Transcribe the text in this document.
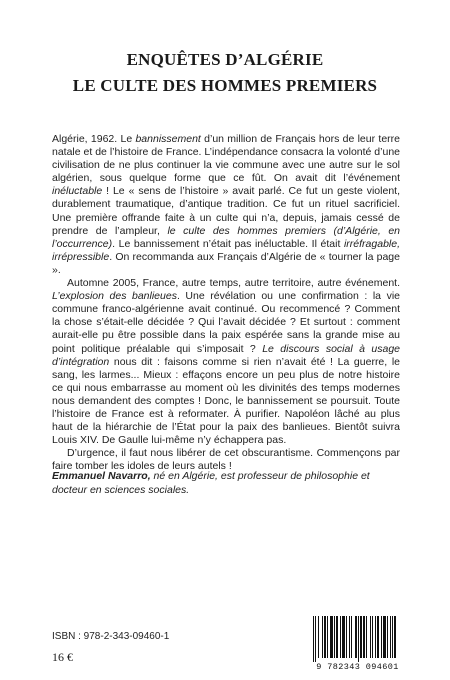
ENQUÊTES D’ALGÉRIE
LE CULTE DES HOMMES PREMIERS

Algérie, 1962. Le bannissement d’un million de Français hors de leur terre natale et de l’histoire de France. L’indépendance consacra la volonté d’une civilisation de ne plus continuer la vie commune avec une autre sur le sol algérien, sous quelque forme que ce fût. On avait dit l’événement inéluctable ! Le « sens de l’histoire » avait parlé. Ce fut un geste violent, durablement traumatique, d’antique tradition. Ce fut un rituel sacrificiel. Une première offrande faite à un culte qui n’a, depuis, jamais cessé de prendre de l’ampleur, le culte des hommes premiers (d’Algérie, en l’occurrence). Le bannissement n’était pas inéluctable. Il était irréfragable, irrépressible. On recommanda aux Français d’Algérie de « tourner la page ».

Automne 2005, France, autre temps, autre territoire, autre événement. L’explosion des banlieues. Une révélation ou une confirmation : la vie commune franco-algérienne avait continué. Ou recommencé ? Comment la chose s’était-elle décidée ? Qui l’avait décidée ? Et surtout : comment aurait-elle pu être possible dans la paix espérée sans la grande mise au point politique préalable qui s’imposait ? Le discours social à usage d’intégration nous dit : faisons comme si rien n’avait été ! La guerre, le sang, les larmes... Mieux : effaçons encore un peu plus de notre histoire ce qui nous embarrasse au moment où les divinités des temps modernes nous demandent des comptes ! Donc, le bannissement se poursuit. Toute l’histoire de France est à reformater. À purifier. Napoléon lâché au plus haut de la hiérarchie de l’État pour la paix des banlieues. Bientôt suivra Louis XIV. De Gaulle lui-même n’y échappera pas.

D’urgence, il faut nous libérer de cet obscurantisme. Commençons par faire tomber les idoles de leurs autels !

Emmanuel Navarro, né en Algérie, est professeur de philosophie et docteur en sciences sociales.
ISBN : 978-2-343-09460-1
16 €
9 782343 094601
